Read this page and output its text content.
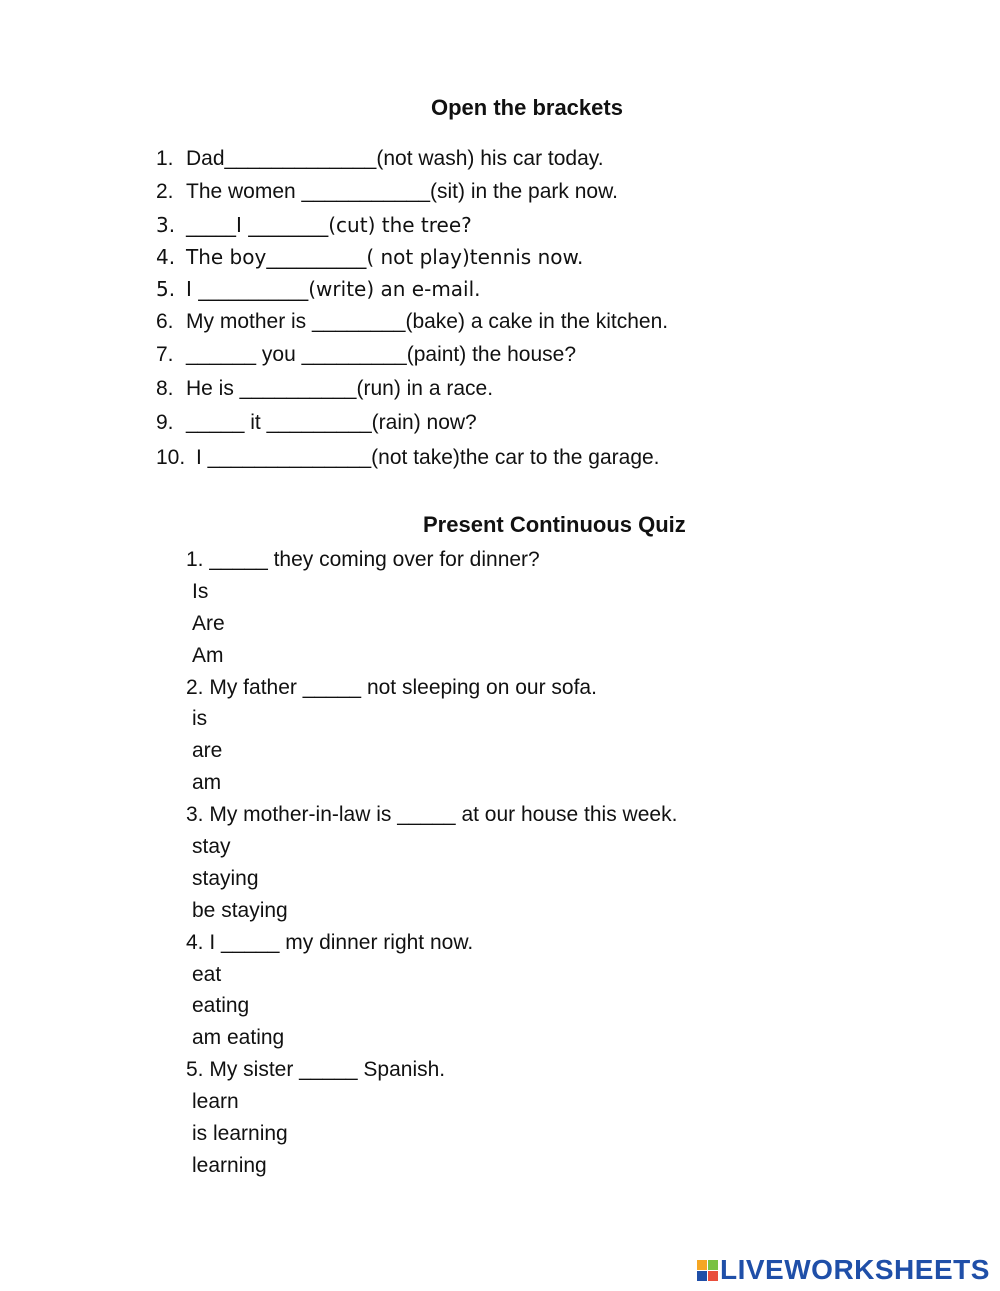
Open the brackets
1. Dad_____________(not wash) his car today.
2. The women ___________(sit) in the park now.
3. _____I ________(cut) the tree?
4. The boy__________( not play)tennis now.
5. I ___________(write) an e-mail.
6. My mother is ________(bake) a cake in the kitchen.
7. ______ you _________(paint) the house?
8. He is __________(run) in a race.
9. _____ it _________(rain) now?
10. I ______________(not take)the car to the garage.
Present Continuous Quiz
1. _____ they coming over for dinner?
Is
Are
Am
2. My father _____ not sleeping on our sofa.
is
are
am
3. My mother-in-law is _____ at our house this week.
stay
staying
be staying
4. I _____ my dinner right now.
eat
eating
am eating
5. My sister _____ Spanish.
learn
is learning
learning
LIVEWORKSHEETS
